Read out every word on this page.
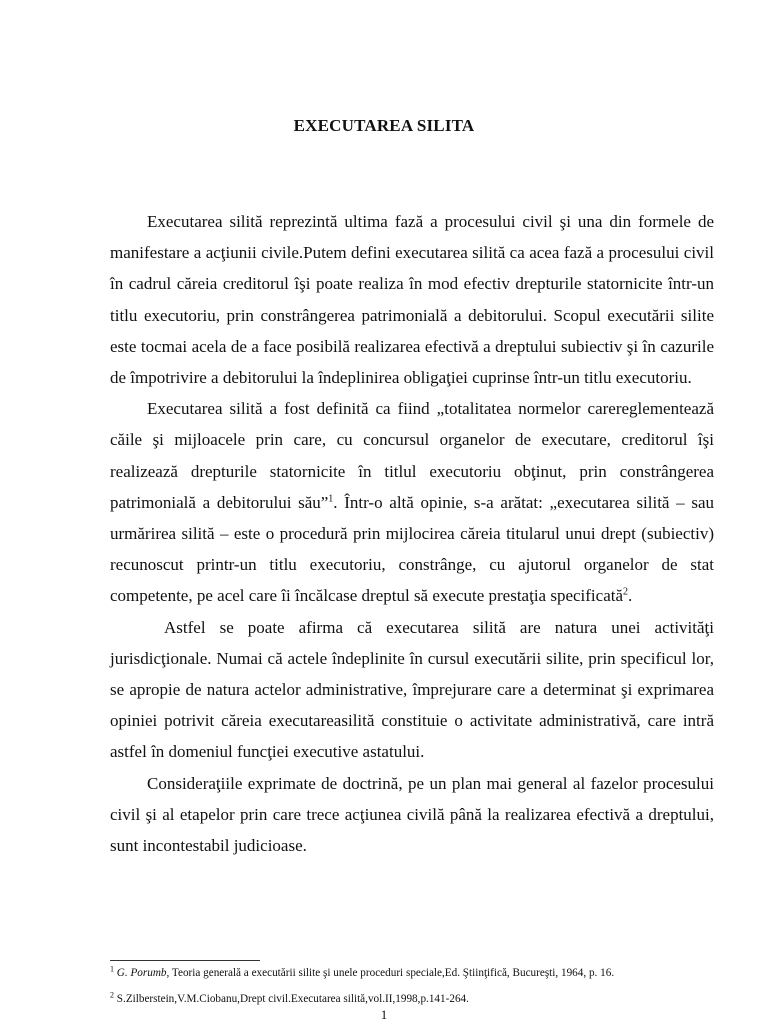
EXECUTAREA SILITA

Executarea silită reprezintă ultima fază a procesului civil şi una din formele de manifestare a acţiunii civile.Putem defini executarea silită ca acea fază a procesului civil în cadrul căreia creditorul îşi poate realiza în mod efectiv drepturile statornicite într-un titlu executoriu, prin constrângerea patrimonială a debitorului. Scopul executării silite este tocmai acela de a face posibilă realizarea efectivă a dreptului subiectiv şi în cazurile de împotrivire a debitorului la îndeplinirea obligaţiei cuprinse într-un titlu executoriu.

Executarea silită a fost definită ca fiind „totalitatea normelor carereglementează căile şi mijloacele prin care, cu concursul organelor de executare, creditorul îşi realizează drepturile statornicite în titlul executoriu obţinut, prin constrângerea patrimonială a debitorului său”$^1$. Într-o altă opinie, s-a arătat: „executarea silită – sau urmărirea silită – este o procedură prin mijlocirea căreia titularul unui drept (subiectiv) recunoscut printr-un titlu executoriu, constrânge, cu ajutorul organelor de stat competente, pe acel care îi încălcase dreptul să execute prestaţia specificată$^2$.

Astfel se poate afirma că executarea silită are natura unei activităţi jurisdicţionale. Numai că actele îndeplinite în cursul executării silite, prin specificul lor, se apropie de natura actelor administrative, împrejurare care a determinat şi exprimarea opiniei potrivit căreia executareasilită constituie o activitate administrativă, care intră astfel în domeniul funcţiei executive astatului.

Consideraţiile exprimate de doctrină, pe un plan mai general al fazelor procesului civil şi al etapelor prin care trece acţiunea civilă până la realizarea efectivă a dreptului, sunt incontestabil judicioase.

$^1$ G. Porumb, Teoria generală a executării silite şi unele proceduri speciale,Ed. Ştiinţifică, Bucureşti, 1964, p. 16.
$^2$ S.Zilberstein,V.M.Ciobanu,Drept civil.Executarea silită,vol.II,1998,p.141-264.
1
